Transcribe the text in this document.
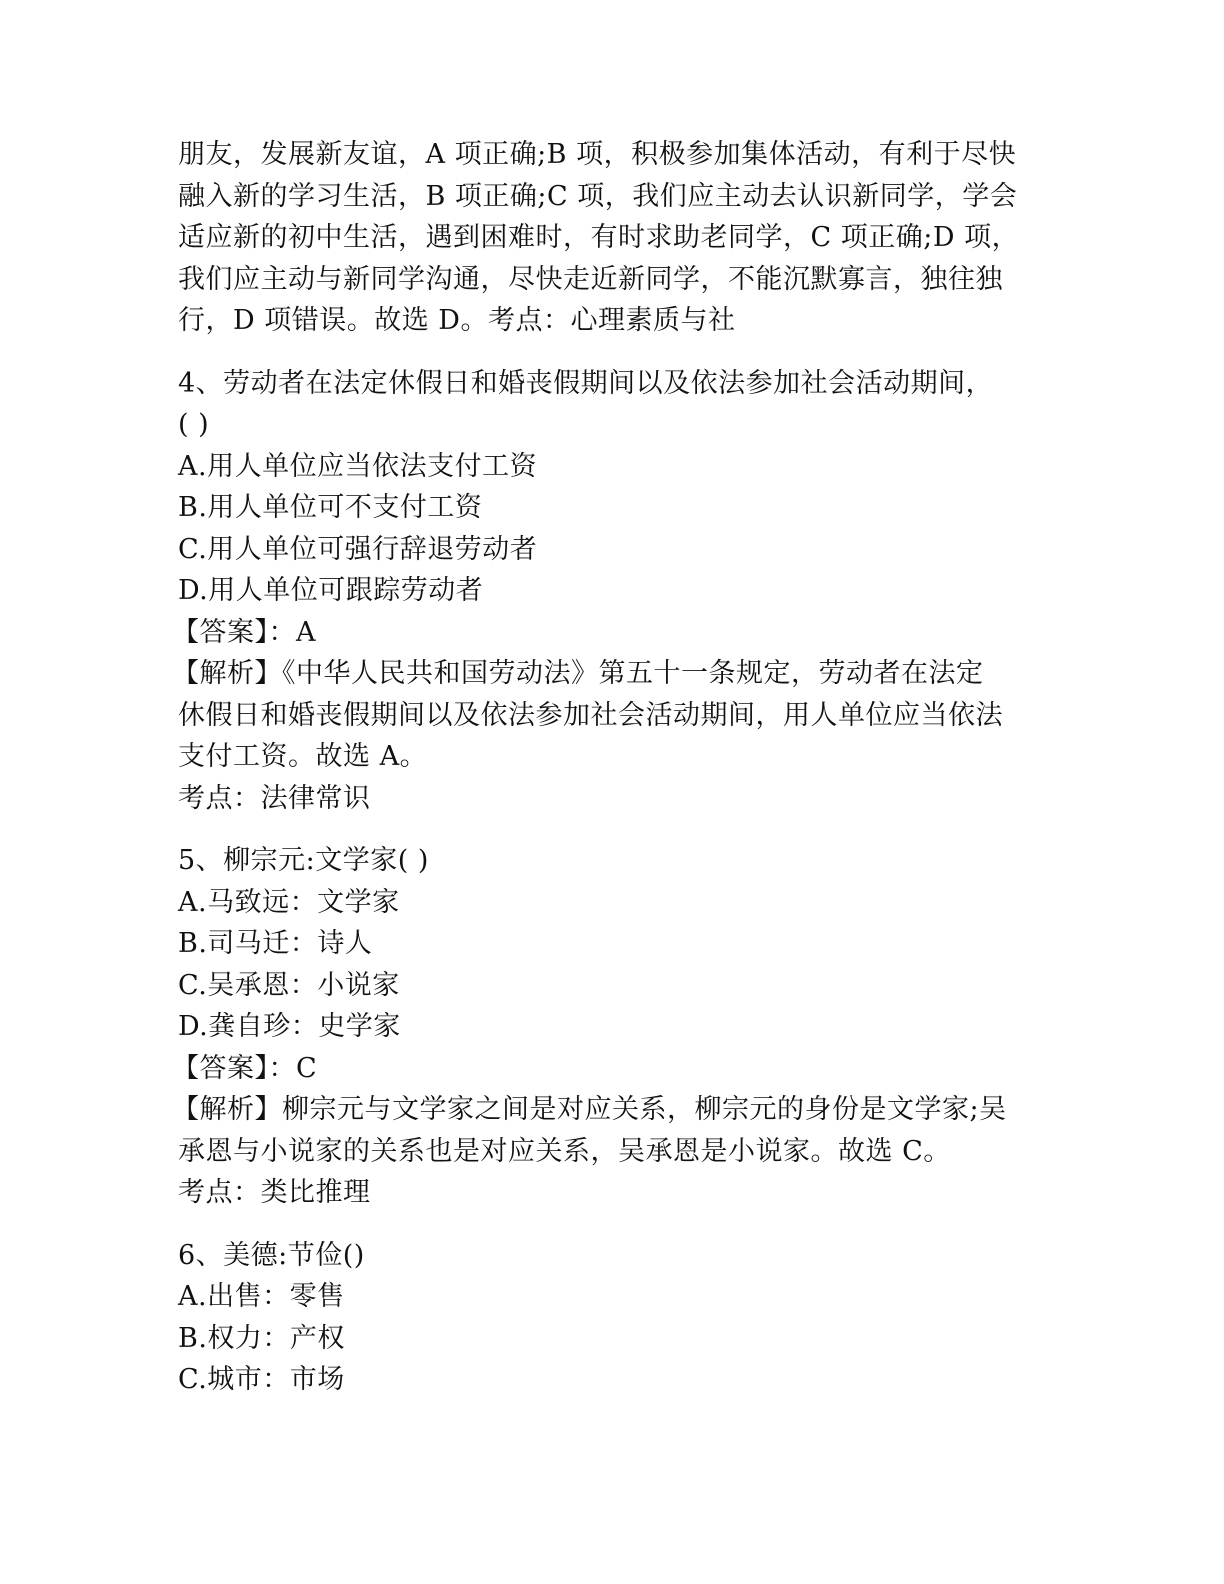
朋友，发展新友谊，A 项正确;B 项，积极参加集体活动，有利于尽快
融入新的学习生活，B 项正确;C 项，我们应主动去认识新同学，学会
适应新的初中生活，遇到困难时，有时求助老同学，C 项正确;D 项，
我们应主动与新同学沟通，尽快走近新同学，不能沉默寡言，独往独
行，D 项错误。故选 D。考点：心理素质与社
4、劳动者在法定休假日和婚丧假期间以及依法参加社会活动期间，
( )
A.用人单位应当依法支付工资
B.用人单位可不支付工资
C.用人单位可强行辞退劳动者
D.用人单位可跟踪劳动者
【答案】：A
【解析】《中华人民共和国劳动法》第五十一条规定，劳动者在法定
休假日和婚丧假期间以及依法参加社会活动期间，用人单位应当依法
支付工资。故选 A。
考点：法律常识
5、柳宗元:文学家( )
A.马致远：文学家
B.司马迁：诗人
C.吴承恩：小说家
D.龚自珍：史学家
【答案】：C
【解析】柳宗元与文学家之间是对应关系，柳宗元的身份是文学家;吴
承恩与小说家的关系也是对应关系，吴承恩是小说家。故选 C。
考点：类比推理
6、美德:节俭()
A.出售：零售
B.权力：产权
C.城市：市场
